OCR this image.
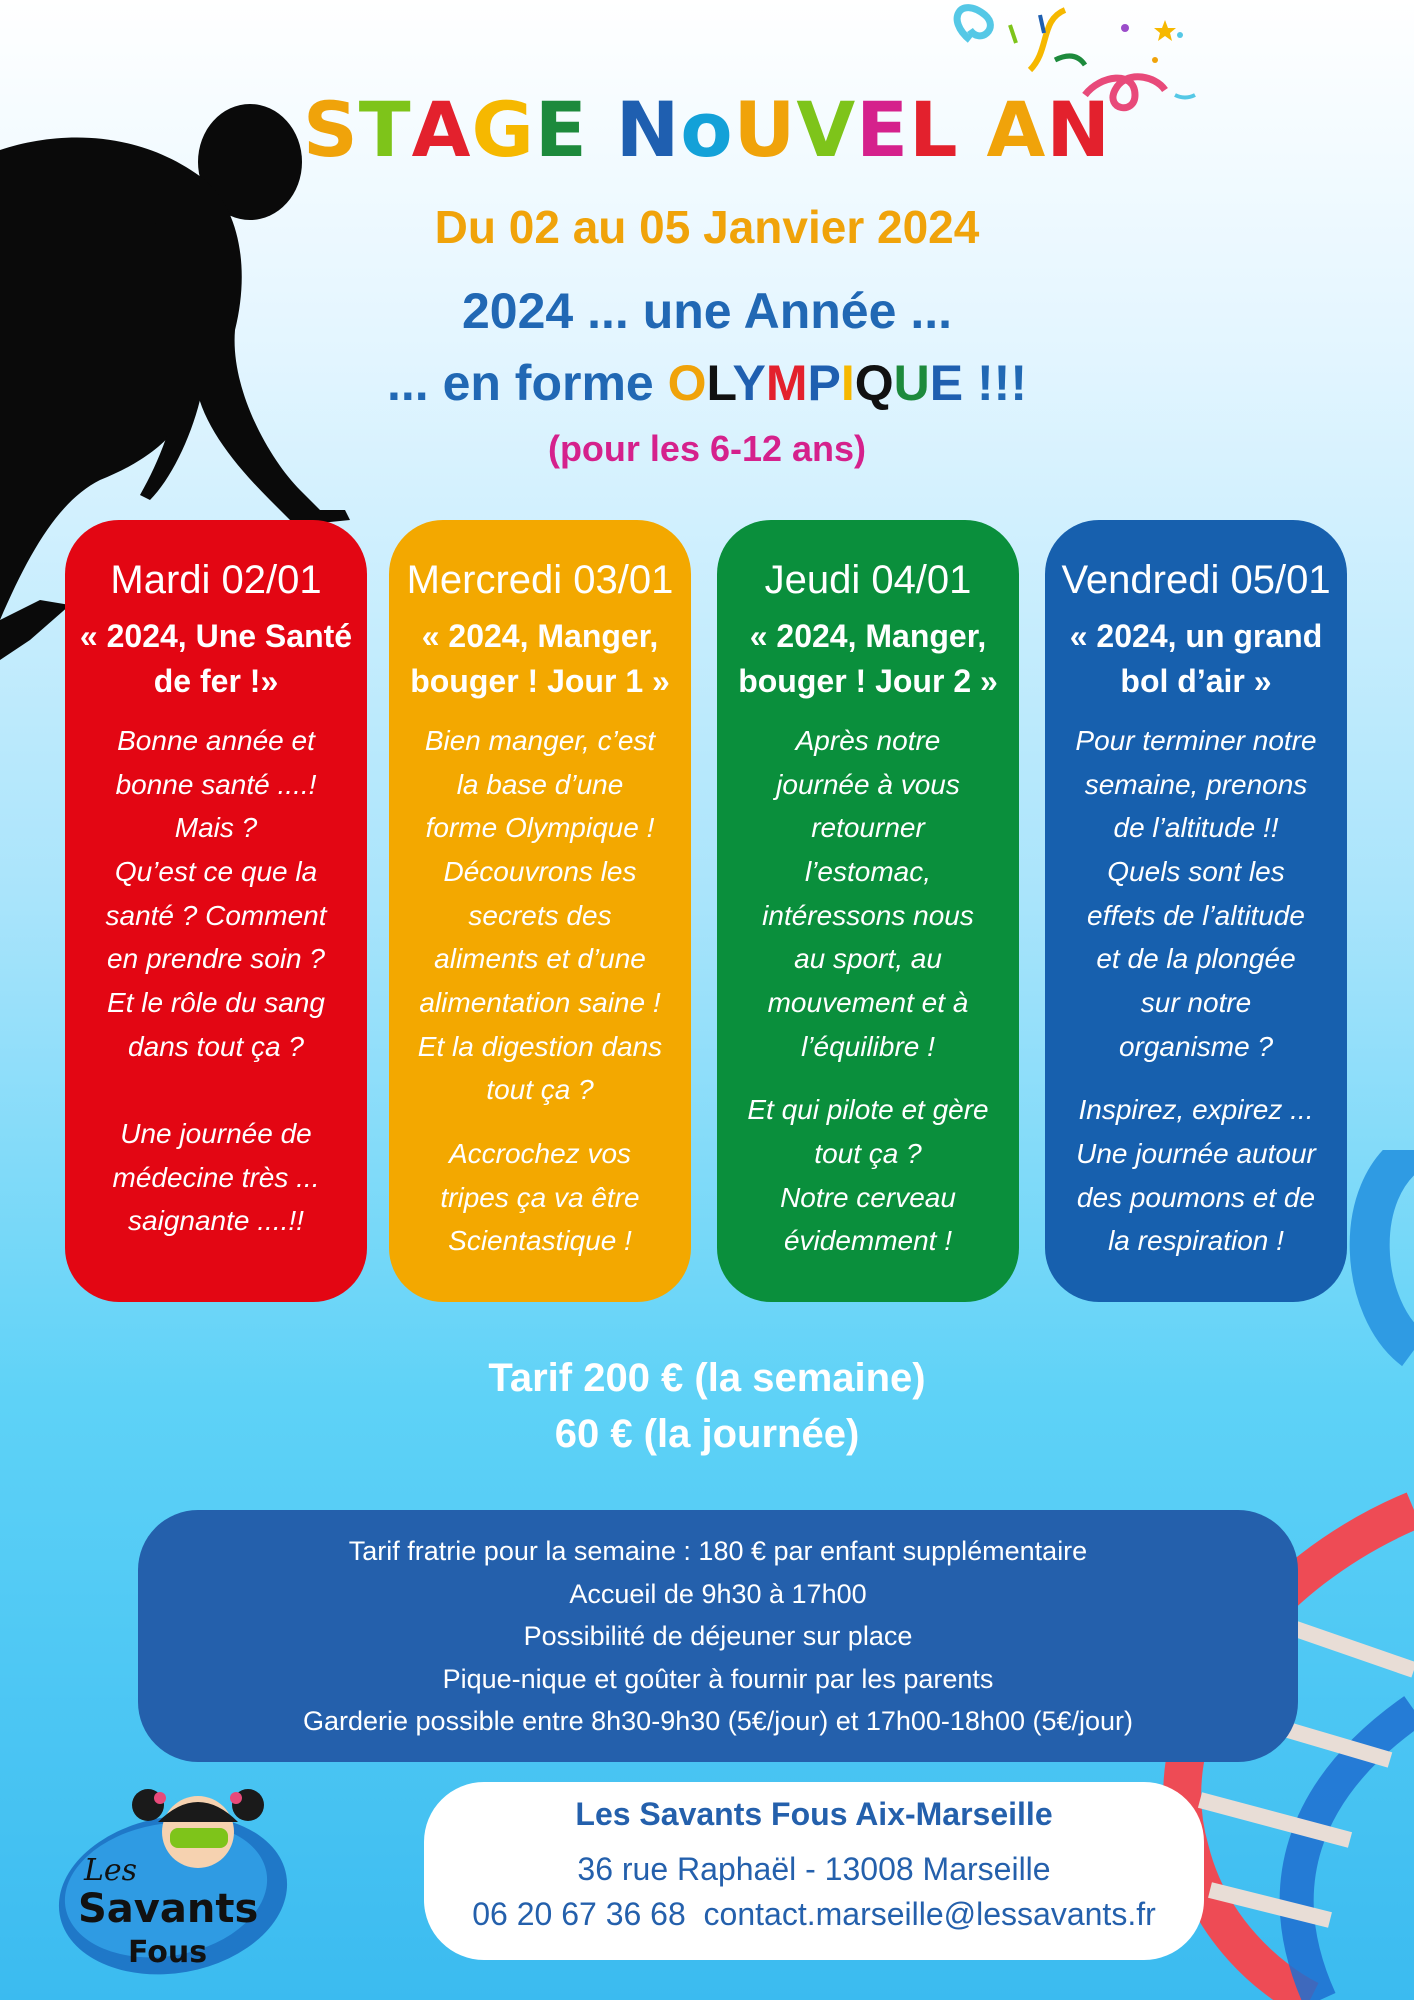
STAGE NoUVEL AN
Du 02 au 05 Janvier 2024
2024 ... une Année ...
... en forme OLYMPIQUE !!!
(pour les 6-12 ans)
Mardi 02/01
« 2024, Une Santé
de fer !»
Bonne année et
bonne santé ....!
Mais ?
Qu’est ce que la
santé ? Comment
en prendre soin ?
Et le rôle du sang
dans tout ça ?

Une journée de
médecine très ...
saignante ....!!
Mercredi 03/01
« 2024, Manger,
bouger ! Jour 1 »
Bien manger, c’est
la base d’une
forme Olympique !
Découvrons les
secrets des
aliments et d’une
alimentation saine !
Et la digestion dans
tout ça ?
Accrochez vos
tripes ça va être
Scientastique !
Jeudi 04/01
« 2024, Manger,
bouger ! Jour 2 »
Après notre
journée à vous
retourner
l’estomac,
intéressons nous
au sport, au
mouvement et à
l’équilibre !
Et qui pilote et gère
tout ça ?
Notre cerveau
évidemment !
Vendredi 05/01
« 2024, un grand
bol d’air »
Pour terminer notre
semaine, prenons
de l’altitude !!
Quels sont les
effets de l’altitude
et de la plongée
sur notre
organisme ?
Inspirez, expirez ...
Une journée autour
des poumons et de
la respiration !
Tarif 200 € (la semaine)
60 € (la journée)
Tarif fratrie pour la semaine : 180 € par enfant supplémentaire
Accueil de 9h30 à 17h00
Possibilité de déjeuner sur place
Pique-nique et goûter à fournir par les parents
Garderie possible entre 8h30-9h30 (5€/jour) et 17h00-18h00 (5€/jour)
Les Savants Fous Aix-Marseille
36 rue Raphaël - 13008 Marseille
06 20 67 36 68 contact.marseille@lessavants.fr
Les
Savants
Fous
